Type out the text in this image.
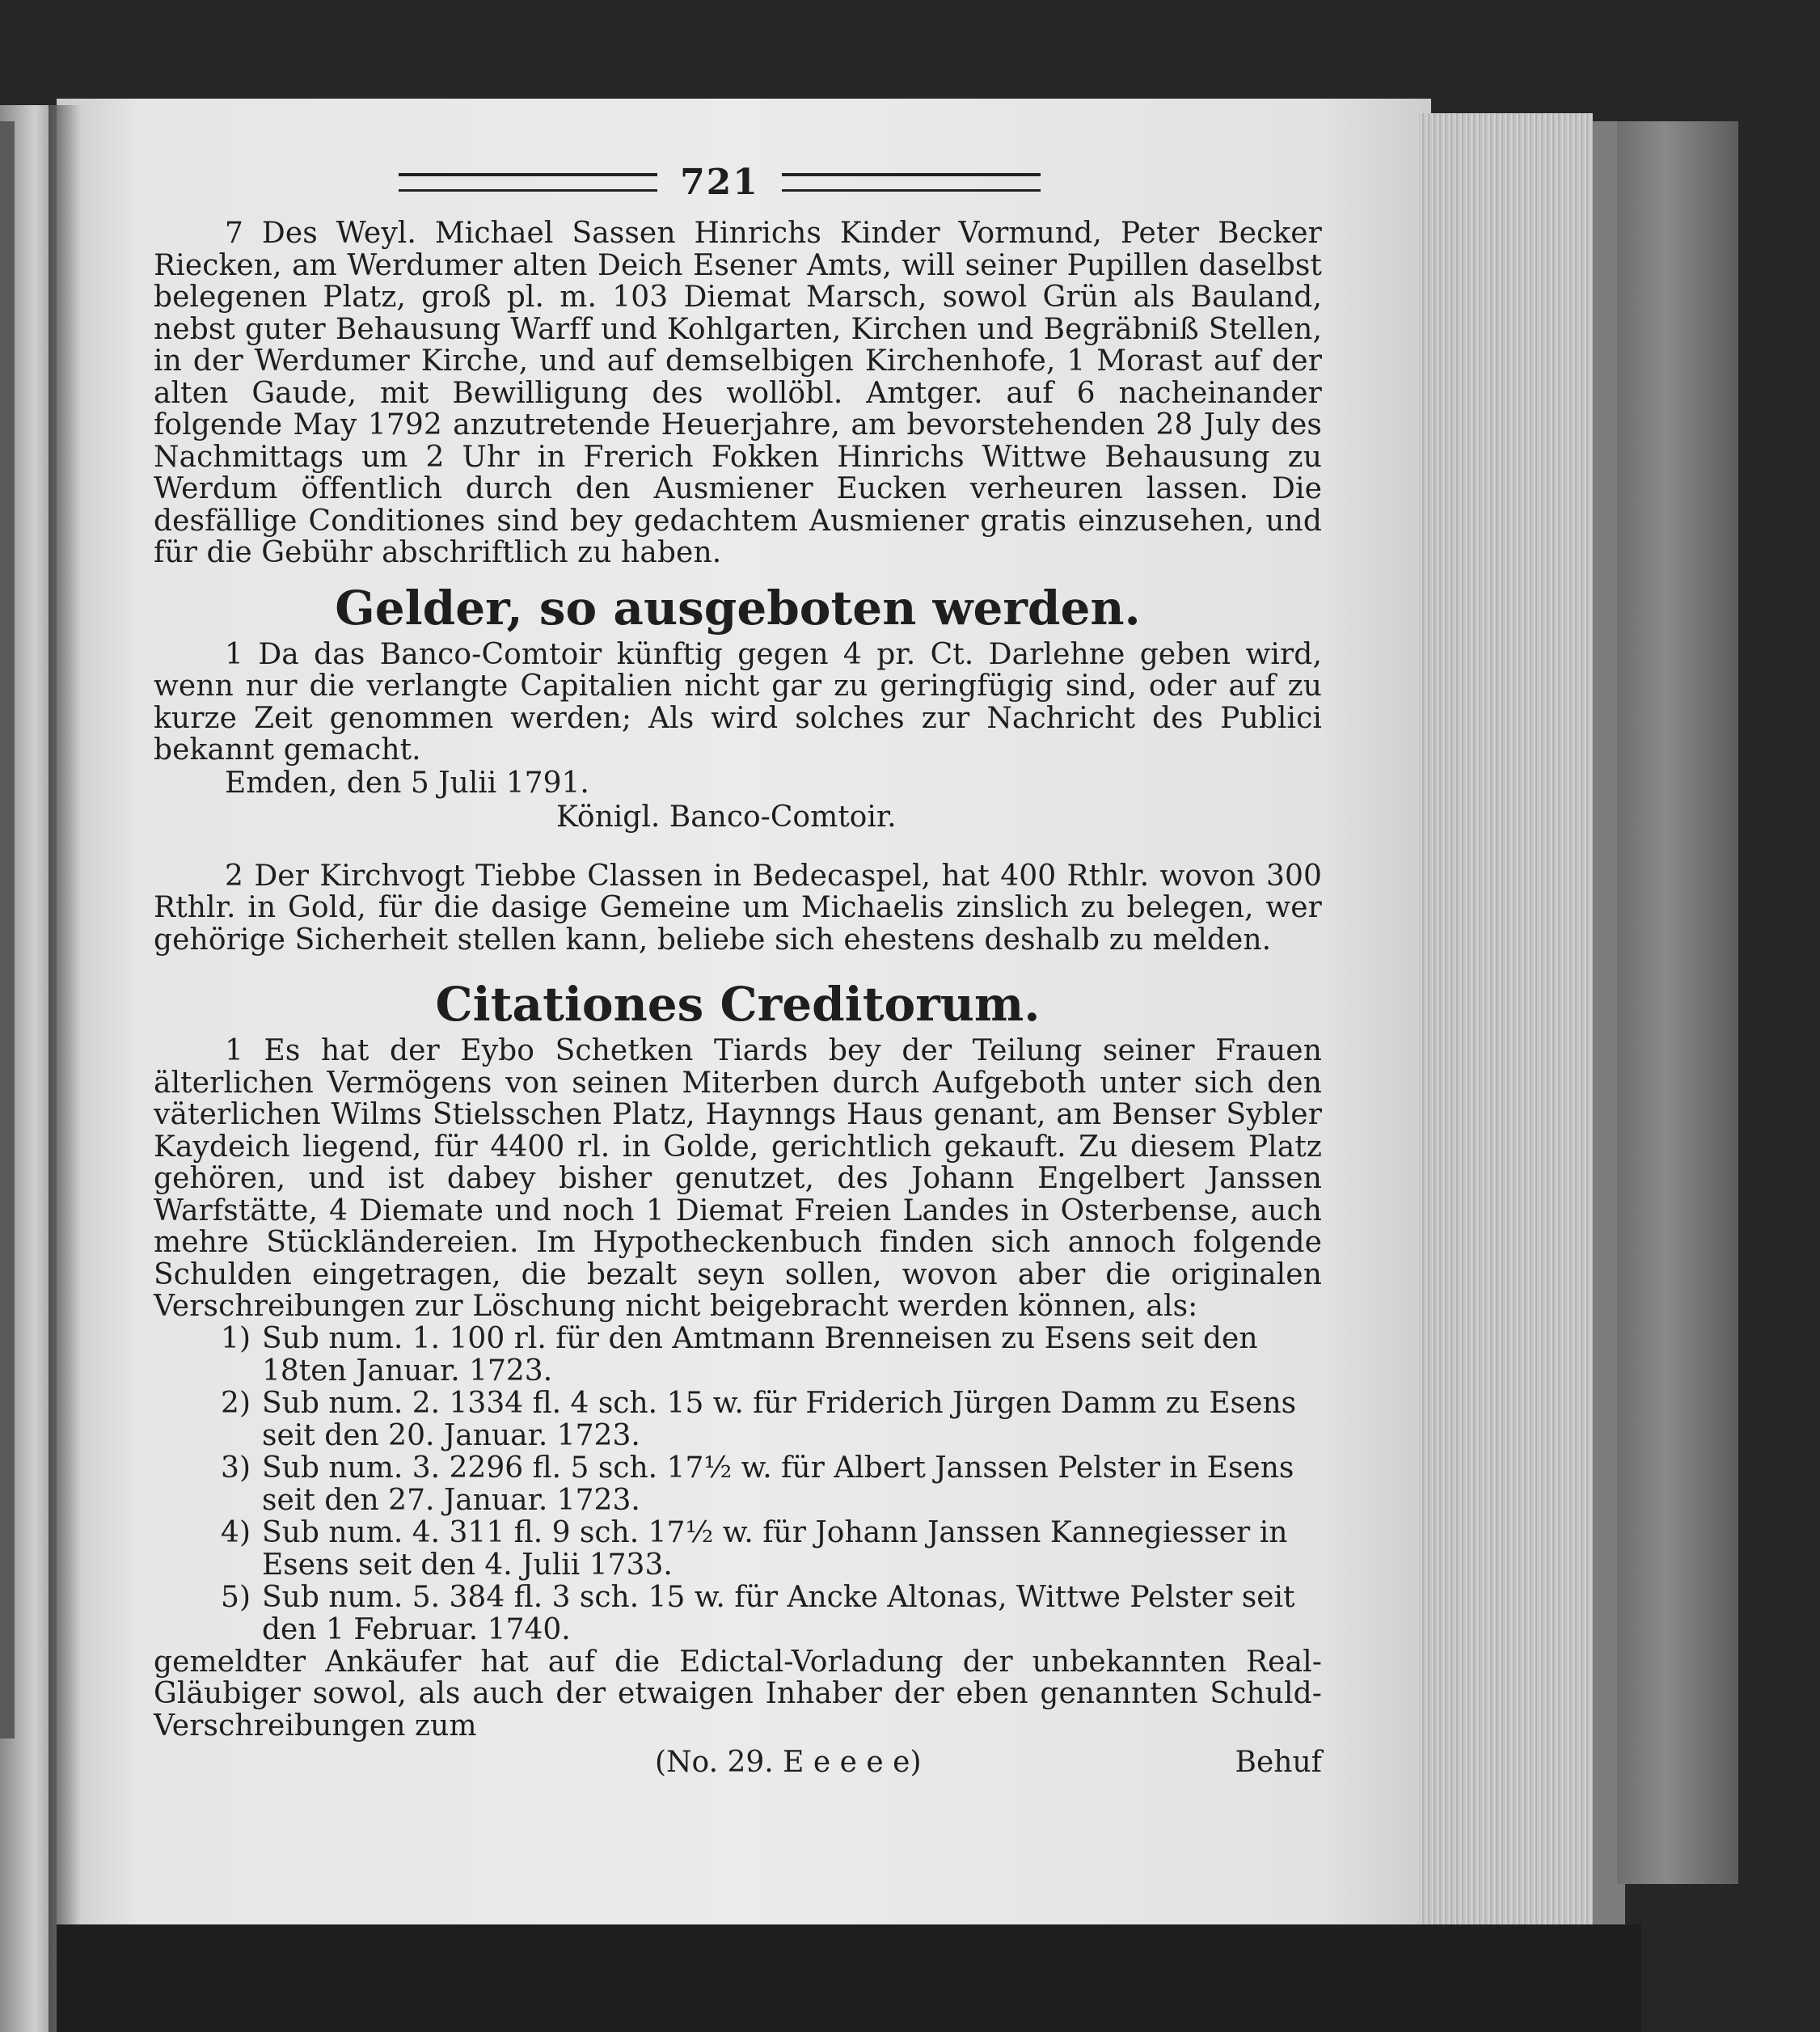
721

7 Des Weyl. Michael Sassen Hinrichs Kinder Vormund, Peter Becker Riecken, am Werdumer alten Deich Esener Amts, will seiner Pupillen daselbst belegenen Platz, groß pl. m. 103 Diemat Marsch, sowol Grün als Bauland, nebst guter Behausung Warff und Kohlgarten, Kirchen und Begräbniß Stellen, in der Werdumer Kirche, und auf demselbigen Kirchenhofe, 1 Morast auf der alten Gaude, mit Bewilligung des wollöbl. Amtger. auf 6 nacheinander folgende May 1792 anzutretende Heuerjahre, am bevorstehenden 28 July des Nachmittags um 2 Uhr in Frerich Fokken Hinrichs Wittwe Behausung zu Werdum öffentlich durch den Ausmiener Eucken verheuren lassen. Die desfällige Conditiones sind bey gedachtem Ausmiener gratis einzusehen, und für die Gebühr abschriftlich zu haben.

Gelder, so ausgeboten werden.

1 Da das Banco-Comtoir künftig gegen 4 pr. Ct. Darlehne geben wird, wenn nur die verlangte Capitalien nicht gar zu geringfügig sind, oder auf zu kurze Zeit genommen werden; Als wird solches zur Nachricht des Publici bekannt gemacht.

Emden, den 5 Julii 1791.

Königl. Banco-Comtoir.

2 Der Kirchvogt Tiebbe Classen in Bedecaspel, hat 400 Rthlr. wovon 300 Rthlr. in Gold, für die dasige Gemeine um Michaelis zinslich zu belegen, wer gehörige Sicherheit stellen kann, beliebe sich ehestens deshalb zu melden.

Citationes Creditorum.

1 Es hat der Eybo Schetken Tiards bey der Teilung seiner Frauen älterlichen Vermögens von seinen Miterben durch Aufgeboth unter sich den väterlichen Wilms Stielsschen Platz, Haynngs Haus genant, am Benser Sybler Kaydeich liegend, für 4400 rl. in Golde, gerichtlich gekauft. Zu diesem Platz gehören, und ist dabey bisher genutzet, des Johann Engelbert Janssen Warfstätte, 4 Diemate und noch 1 Diemat Freien Landes in Osterbense, auch mehre Stückländereien. Im Hypotheckenbuch finden sich annoch folgende Schulden eingetragen, die bezalt seyn sollen, wovon aber die originalen Verschreibungen zur Löschung nicht beigebracht werden können, als:

1) Sub num. 1. 100 rl. für den Amtmann Brenneisen zu Esens seit den 18ten Januar. 1723.
2) Sub num. 2. 1334 fl. 4 sch. 15 w. für Friderich Jürgen Damm zu Esens seit den 20. Januar. 1723.
3) Sub num. 3. 2296 fl. 5 sch. 17½ w. für Albert Janssen Pelster in Esens seit den 27. Januar. 1723.
4) Sub num. 4. 311 fl. 9 sch. 17½ w. für Johann Janssen Kannegiesser in Esens seit den 4. Julii 1733.
5) Sub num. 5. 384 fl. 3 sch. 15 w. für Ancke Altonas, Wittwe Pelster seit den 1 Februar. 1740.

gemeldter Ankäufer hat auf die Edictal-Vorladung der unbekannten Real-Gläubiger sowol, als auch der etwaigen Inhaber der eben genannten Schuld-Verschreibungen zum

(No. 29. E e e e e)	Behuf
